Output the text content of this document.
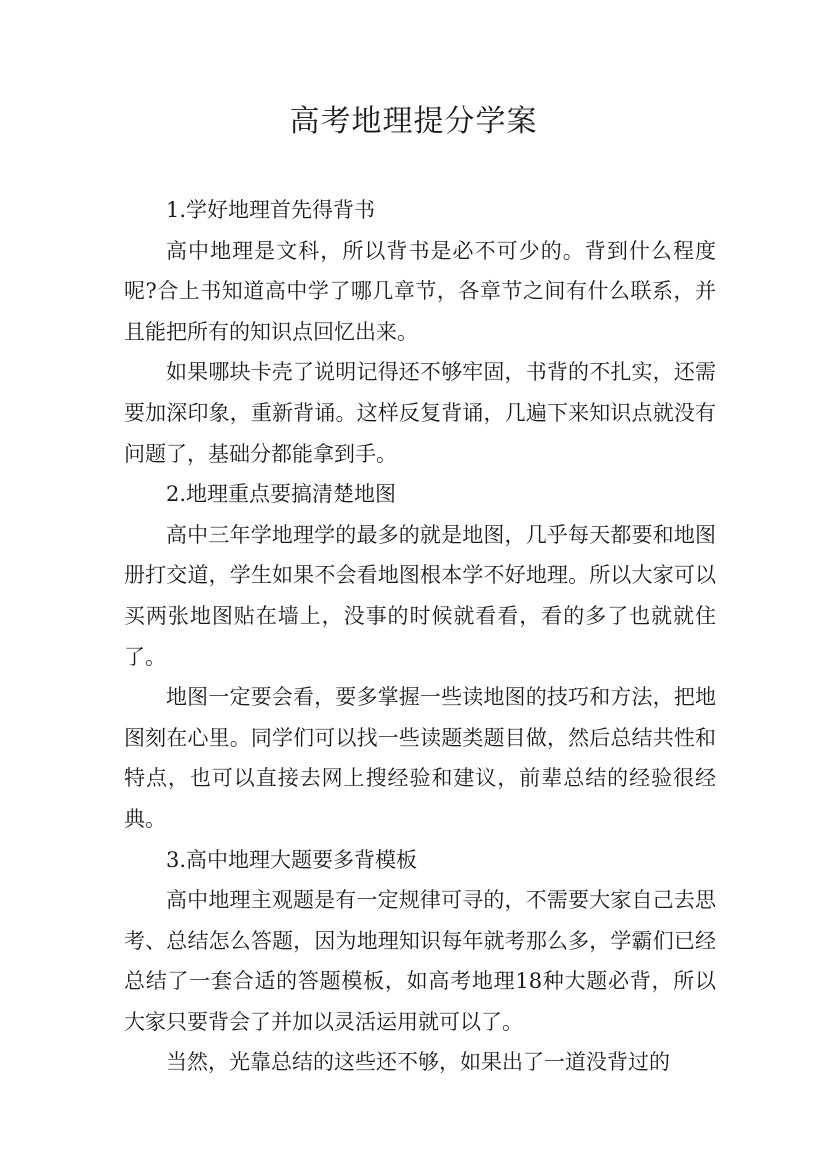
高考地理提分学案

1.学好地理首先得背书

高中地理是文科，所以背书是必不可少的。背到什么程度呢?合上书知道高中学了哪几章节，各章节之间有什么联系，并且能把所有的知识点回忆出来。

如果哪块卡壳了说明记得还不够牢固，书背的不扎实，还需要加深印象，重新背诵。这样反复背诵，几遍下来知识点就没有问题了，基础分都能拿到手。

2.地理重点要搞清楚地图

高中三年学地理学的最多的就是地图，几乎每天都要和地图册打交道，学生如果不会看地图根本学不好地理。所以大家可以买两张地图贴在墙上，没事的时候就看看，看的多了也就就住了。

地图一定要会看，要多掌握一些读地图的技巧和方法，把地图刻在心里。同学们可以找一些读题类题目做，然后总结共性和特点，也可以直接去网上搜经验和建议，前辈总结的经验很经典。

3.高中地理大题要多背模板

高中地理主观题是有一定规律可寻的，不需要大家自己去思考、总结怎么答题，因为地理知识每年就考那么多，学霸们已经总结了一套合适的答题模板，如高考地理18种大题必背，所以大家只要背会了并加以灵活运用就可以了。

当然，光靠总结的这些还不够，如果出了一道没背过的
